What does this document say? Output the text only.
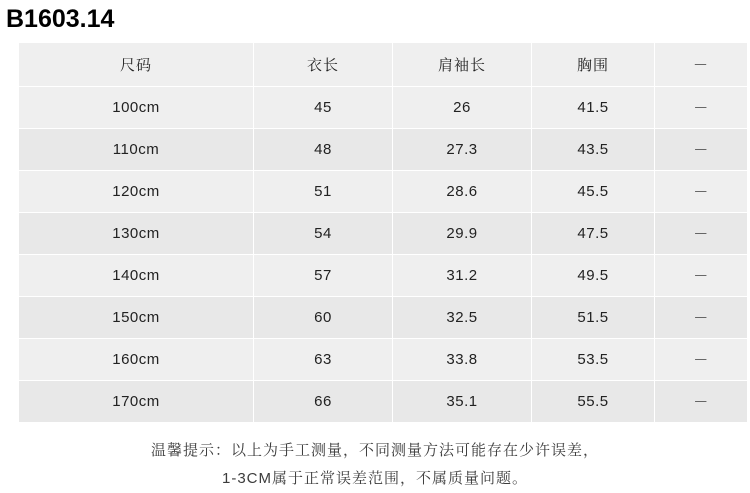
B1603.14
尺码	衣长	肩袖长	胸围	－
100cm	45	26	41.5	－
110cm	48	27.3	43.5	－
120cm	51	28.6	45.5	－
130cm	54	29.9	47.5	－
140cm	57	31.2	49.5	－
150cm	60	32.5	51.5	－
160cm	63	33.8	53.5	－
170cm	66	35.1	55.5	－
温馨提示：以上为手工测量，不同测量方法可能存在少许误差，
1-3CM属于正常误差范围，不属质量问题。
